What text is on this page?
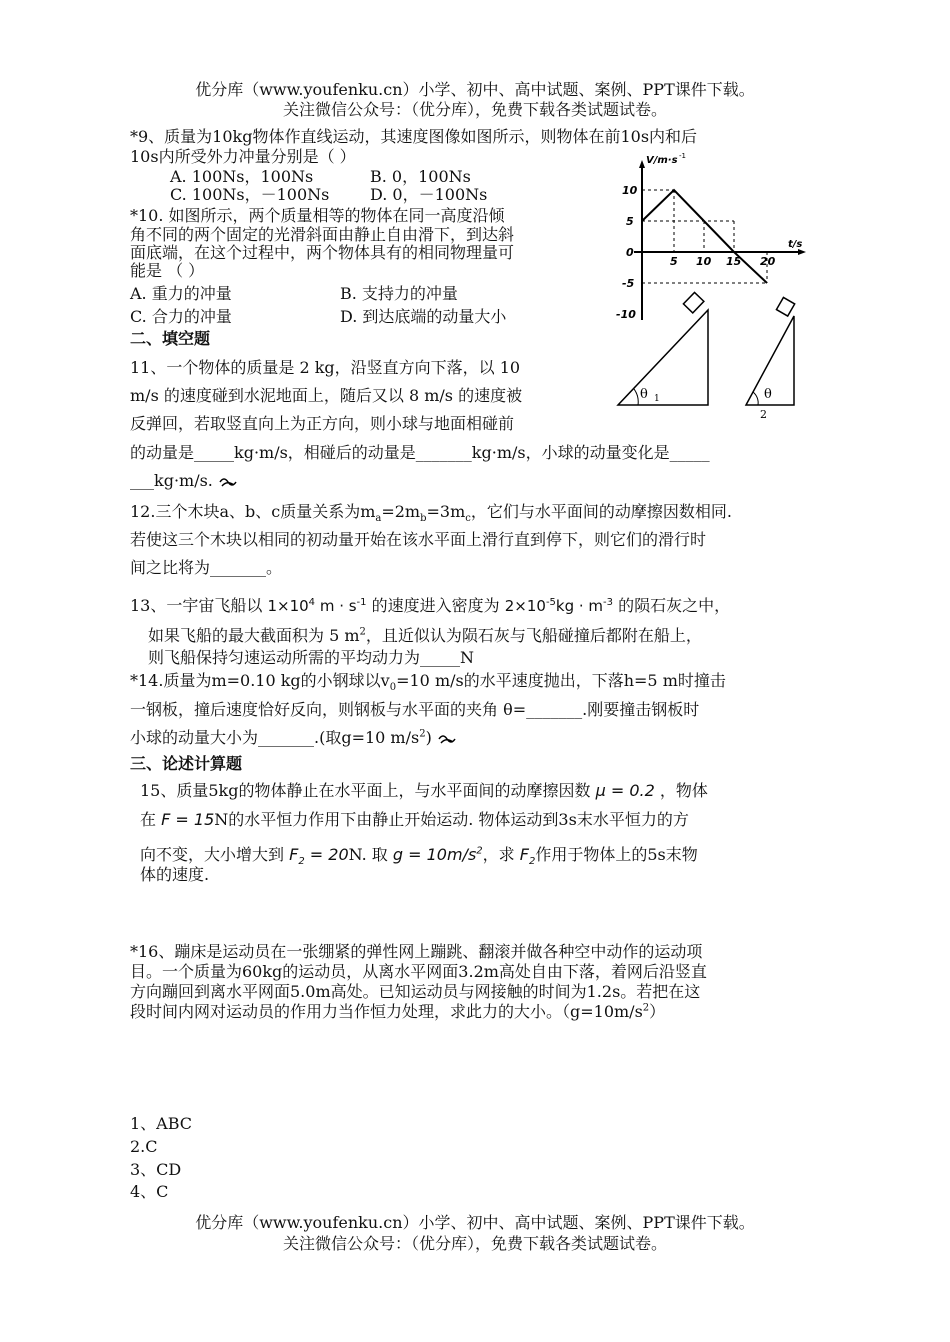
优分库（www.youfenku.cn）小学、初中、高中试题、案例、PPT课件下载。
关注微信公众号：（优分库），免费下载各类试题试卷。
*9、质量为10kg物体作直线运动，其速度图像如图所示，则物体在前10s内和后
10s内所受外力冲量分别是（ ）
A. 100Ns，100Ns	B. 0，100Ns
C. 100Ns，－100Ns	D. 0，－100Ns
V/m·s -1
t/s
10
5
0
-5
-10
5 10 15 20
*10. 如图所示，两个质量相等的物体在同一高度沿倾
角不同的两个固定的光滑斜面由静止自由滑下，到达斜
面底端，在这个过程中，两个物体具有的相同物理量可
能是 （ ）
A. 重力的冲量	B. 支持力的冲量
C. 合力的冲量	D. 到达底端的动量大小
θ 1	θ
2
二、填空题
11、一个物体的质量是 2 kg，沿竖直方向下落，以 10
m/s 的速度碰到水泥地面上，随后又以 8 m/s 的速度被
反弹回，若取竖直向上为正方向，则小球与地面相碰前
的动量是_____kg·m/s，相碰后的动量是_______kg·m/s，小球的动量变化是_____
___kg·m/s.
12.三个木块a、b、c质量关系为$m_a=2m_b=3m_c$，它们与水平面间的动摩擦因数相同.
若使这三个木块以相同的初动量开始在该水平面上滑行直到停下，则它们的滑行时
间之比将为_______。
13、一宇宙飞船以 $1\times 10^4$ $m \cdot s^{-1}$ 的速度进入密度为 $2\times 10^{-5}kg \cdot m^{-3}$ 的陨石灰之中，
如果飞船的最大截面积为 5 $m^2$，且近似认为陨石灰与飞船碰撞后都附在船上，
则飞船保持匀速运动所需的平均动力为_____N
*14.质量为m=0.10 kg的小钢球以$v_0=10$ m/s的水平速度抛出，下落h=5 m时撞击
一钢板，撞后速度恰好反向，则钢板与水平面的夹角 θ=_______.刚要撞击钢板时
小球的动量大小为_______.(取g=10 $m/s^2$)
三、论述计算题
15、质量5kg的物体静止在水平面上，与水平面间的动摩擦因数 μ = 0.2 ，物体
在 F = 15N的水平恒力作用下由静止开始运动. 物体运动到3s末水平恒力的方
向不变，大小增大到 $F_2 = 20N$. 取 $g = 10m/s^2$，求 $F_2$作用于物体上的5s末物
体的速度.
*16、蹦床是运动员在一张绷紧的弹性网上蹦跳、翻滚并做各种空中动作的运动项
目。一个质量为60kg的运动员，从离水平网面3.2m高处自由下落，着网后沿竖直
方向蹦回到离水平网面5.0m高处。已知运动员与网接触的时间为1.2s。若把在这
段时间内网对运动员的作用力当作恒力处理，求此力的大小。$(g=10m/s^2)$
1、ABC
2.C
3、CD
4、C
优分库（www.youfenku.cn）小学、初中、高中试题、案例、PPT课件下载。
关注微信公众号：（优分库），免费下载各类试题试卷。
